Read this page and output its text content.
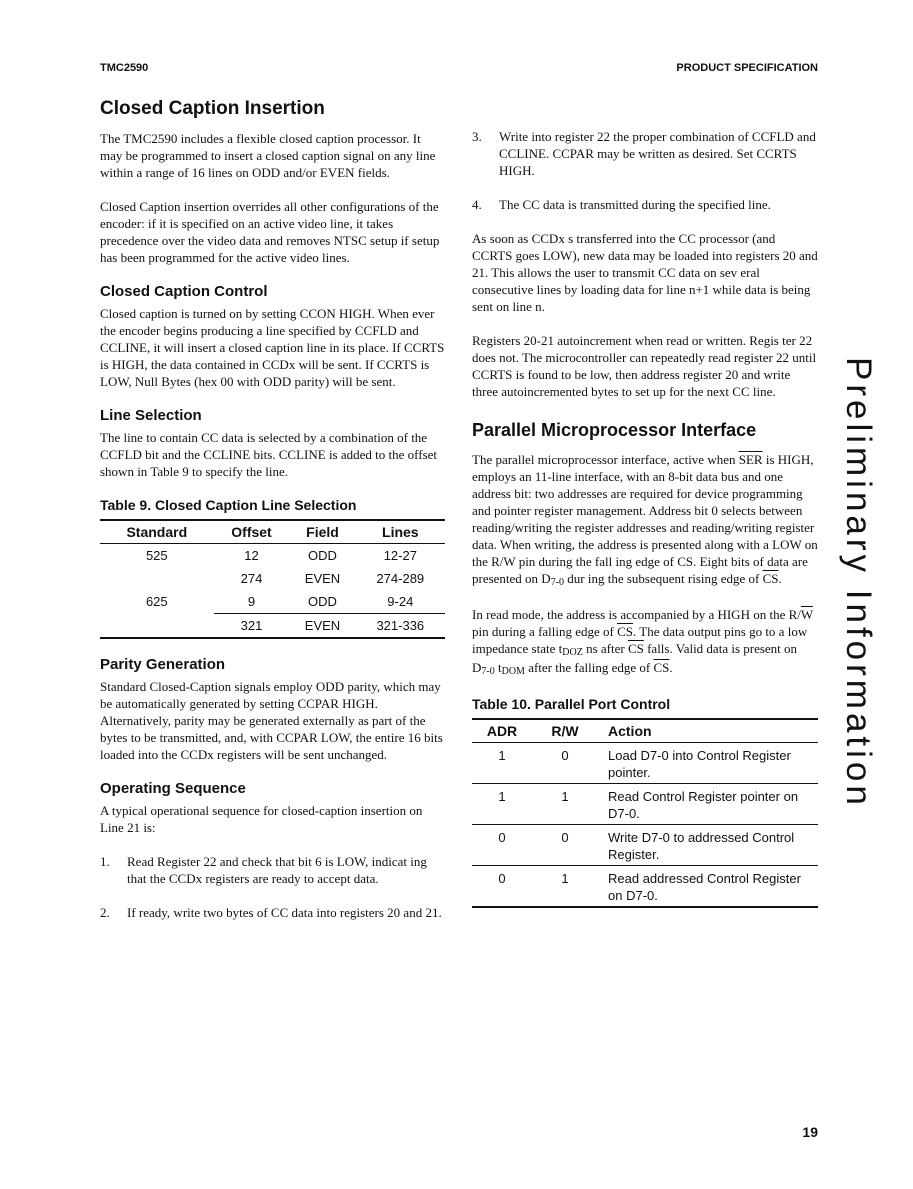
TMC2590	PRODUCT SPECIFICATION
Closed Caption Insertion

The TMC2590 includes a flexible closed caption processor. It may be programmed to insert a closed caption signal on any line within a range of 16 lines on ODD and/or EVEN fields.

Closed Caption insertion overrides all other configurations of the encoder: if it is specified on an active video line, it takes precedence over the video data and removes NTSC setup if setup has been programmed for the active video lines.

Closed Caption Control

Closed caption is turned on by setting CCON HIGH. When ever the encoder begins producing a line specified by CCFLD and CCLINE, it will insert a closed caption line in its place. If CCRTS is HIGH, the data contained in CCDx will be sent. If CCRTS is LOW, Null Bytes (hex 00 with ODD parity) will be sent.

Line Selection

The line to contain CC data is selected by a combination of the CCFLD bit and the CCLINE bits. CCLINE is added to the offset shown in Table 9 to specify the line.

Table 9. Closed Caption Line Selection
Standard	Offset	Field	Lines
525	12	ODD	12-27
	274	EVEN	274-289
625	9	ODD	9-24
	321	EVEN	321-336
Parity Generation

Standard Closed-Caption signals employ ODD parity, which may be automatically generated by setting CCPAR HIGH. Alternatively, parity may be generated externally as part of the bytes to be transmitted, and, with CCPAR LOW, the entire 16 bits loaded into the CCDx registers will be sent unchanged.

Operating Sequence

A typical operational sequence for closed-caption insertion on Line 21 is:

1.	Read Register 22 and check that bit 6 is LOW, indicat ing that the CCDx registers are ready to accept data.

2.	If ready, write two bytes of CC data into registers 20 and 21.

3.	Write into register 22 the proper combination of CCFLD and CCLINE. CCPAR may be written as desired. Set CCRTS HIGH.

4.	The CC data is transmitted during the specified line.

As soon as CCDx s transferred into the CC processor (and CCRTS goes LOW), new data may be loaded into registers 20 and 21. This allows the user to transmit CC data on sev eral consecutive lines by loading data for line n+1 while data is being sent on line n.

Registers 20-21 autoincrement when read or written. Regis ter 22 does not. The microcontroller can repeatedly read register 22 until CCRTS is found to be low, then address register 20 and write three autoincremented bytes to set up for the next CC line.

Parallel Microprocessor Interface

The parallel microprocessor interface, active when $\overline{SER}$ is HIGH, employs an 11-line interface, with an 8-bit data bus and one address bit: two addresses are required for device programming and pointer register management. Address bit 0 selects between reading/writing the register addresses and reading/writing register data. When writing, the address is presented along with a LOW on the R/W pin during the fall ing edge of CS. Eight bits of data are presented on D7-0 dur ing the subsequent rising edge of $\overline{CS}$.

In read mode, the address is accompanied by a HIGH on the $R/\overline{W}$ pin during a falling edge of $\overline{CS}$. The data output pins go to a low impedance state tDOZ ns after $\overline{CS}$ falls. Valid data is present on D7-0 tDOM after the falling edge of $\overline{CS}$.

Table 10. Parallel Port Control
ADR	R/W	Action
1	0	Load D7-0 into Control Register pointer.
1	1	Read Control Register pointer on D7-0.
0	0	Write D7-0 to addressed Control Register.
0	1	Read addressed Control Register on D7-0.
Preliminary Information
19
